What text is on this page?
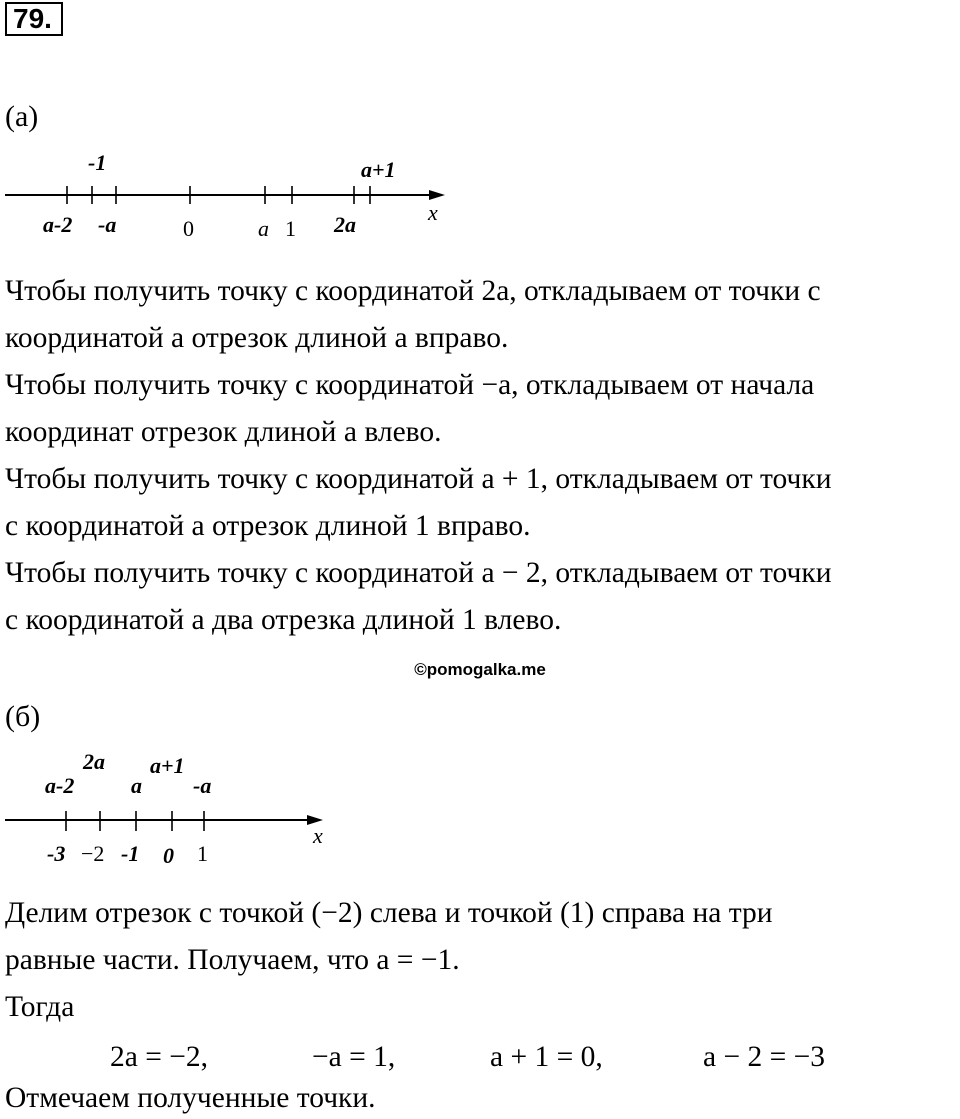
79.
(а)
-1	a+1
a-2 -a	0	a 1 2a	x
Чтобы получить точку с координатой 2a, откладываем от точки с
координатой a отрезок длиной a вправо.
Чтобы получить точку с координатой −a, откладываем от начала
координат отрезок длиной a влево.
Чтобы получить точку с координатой a + 1, откладываем от точки
с координатой a отрезок длиной 1 вправо.
Чтобы получить точку с координатой a − 2, откладываем от точки
с координатой a два отрезка длиной 1 влево.
©pomogalka.me
(б)
2a
a-2	a
a+1
-a
-3 −2 -1 0 1
x
Делим отрезок с точкой (−2) слева и точкой (1) справа на три
равные части. Получаем, что a = −1.
Тогда
2a = −2,	−a = 1,	a + 1 = 0,	a − 2 = −3
Отмечаем полученные точки.
